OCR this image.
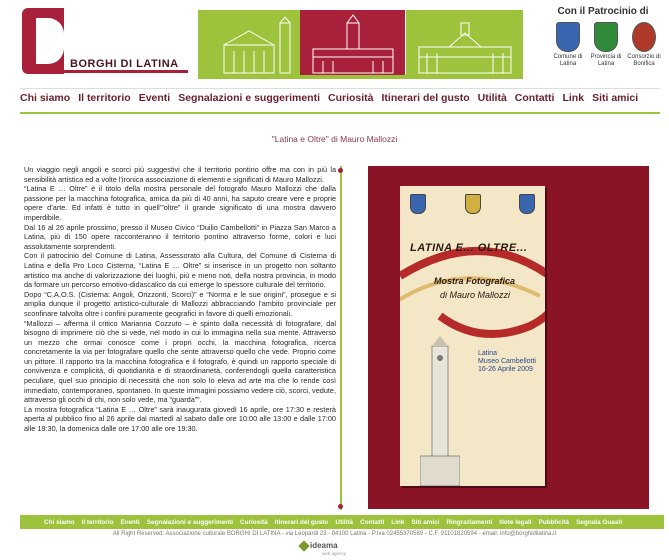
BORGHI DI LATINA
Con il Patrocinio di
Comune di Latina
Provincia di Latina
Consorzio di Bonifica
Chi siamo Il territorio Eventi Segnalazioni e suggerimenti Curiosità Itinerari del gusto Utilità Contatti Link Siti amici
"Latina e Oltre" di Mauro Mallozzi

Un viaggio negli angoli e scorci più suggestivi che il territorio pontino offre ma con in più la sensibilità artistica ed a volte l'ironica associazione di elementi e significati di Mauro Mallozzi.

“Latina E … Oltre” è il titolo della mostra personale del fotografo Mauro Mallozzi che dalla passione per la macchina fotografica, amica da più di 40 anni, ha saputo creare vere e proprie opere d’arte. Ed infatti è tutto in quell’”oltre” il grande significato di una mostra davvero imperdibile.

Dal 16 al 26 aprile prossimo, presso il Museo Civico “Duilio Cambellotti” in Piazza San Marco a Latina, più di 150 opere racconteranno il territorio pontino attraverso forme, colori e luci assolutamente sorprendenti.

Con il patrocinio del Comune di Latina, Assessorato alla Cultura, del Comune di Cisterna di Latina e della Pro Loco Cisterna, “Latina E … Oltre” si inserisce in un progetto non soltanto artistico ma anche di valorizzazione dei luoghi, più e meno noti, della nostra provincia, in modo da formare un percorso emotivo-didascalico da cui emerge lo spessore culturale del territorio.

Dopo “C.A.O.S. (Cisterna: Angoli, Orizzonti, Scorci)” e “Norma e le sue origini”, prosegue e si amplia dunque il progetto artistico-culturale di Mallozzi abbracciando l’ambito provinciale per sconfinare talvolta oltre i confini puramente geografici in favore di quelli emozionali.

“Mallozzi – afferma il critico Marianna Cozzuto – è spinto dalla necessità di fotografare, dal bisogno di imprimere ciò che si vede, nel modo in cui lo immagina nella sua mente. Attraverso un mezzo che ormai conosce come i propri occhi, la macchina fotografica, ricerca concretamente la via per fotografare quello che sente attraverso quello che vede. Proprio come un pittore. Il rapporto tra la macchina fotografica e il fotografo, è quindi un rapporto speciale di convivenza e complicità, di quotidianità e di straordinarietà, conferendogli quella caratteristica peculiare, quel suo principio di necessità che non solo lo eleva ad arte ma che lo rende così immediato, contemporaneo, spontaneo. In queste immagini possiamo vedere ciò, scorci, vedute, attraverso gli occhi di chi, non solo vede, ma “guarda””.

La mostra fotografica “Latina E … Oltre” sarà inaugurata giovedì 16 aprile, ore 17:30 e resterà aperta al pubblico fino al 26 aprile dal martedì al sabato dalle ore 10:00 alle 13:00 e dalle 17:00 alle 19:30, la domenica dalle ore 17:00 alle ore 19:30.

LATINA E... OLTRE...
Mostra Fotografica
di Mauro Mallozzi
Latina
Museo Cambellotti
16-26 Aprile 2009
Chi siamo Il territorio Eventi Segnalazioni e suggerimenti Curiosità Itinerari del gusto Utilità Contatti Link Siti amici Ringraziamenti Note legali Pubblicità Segnala Guasti
All Right Reserved: Associazione culturale BORGHI DI LATINA - via Leopardi 23 - 04100 Latina - P.Iva 02455370589 - C.F. 91101820594 - email: info@borghidilatina.it
ideama
web agency
